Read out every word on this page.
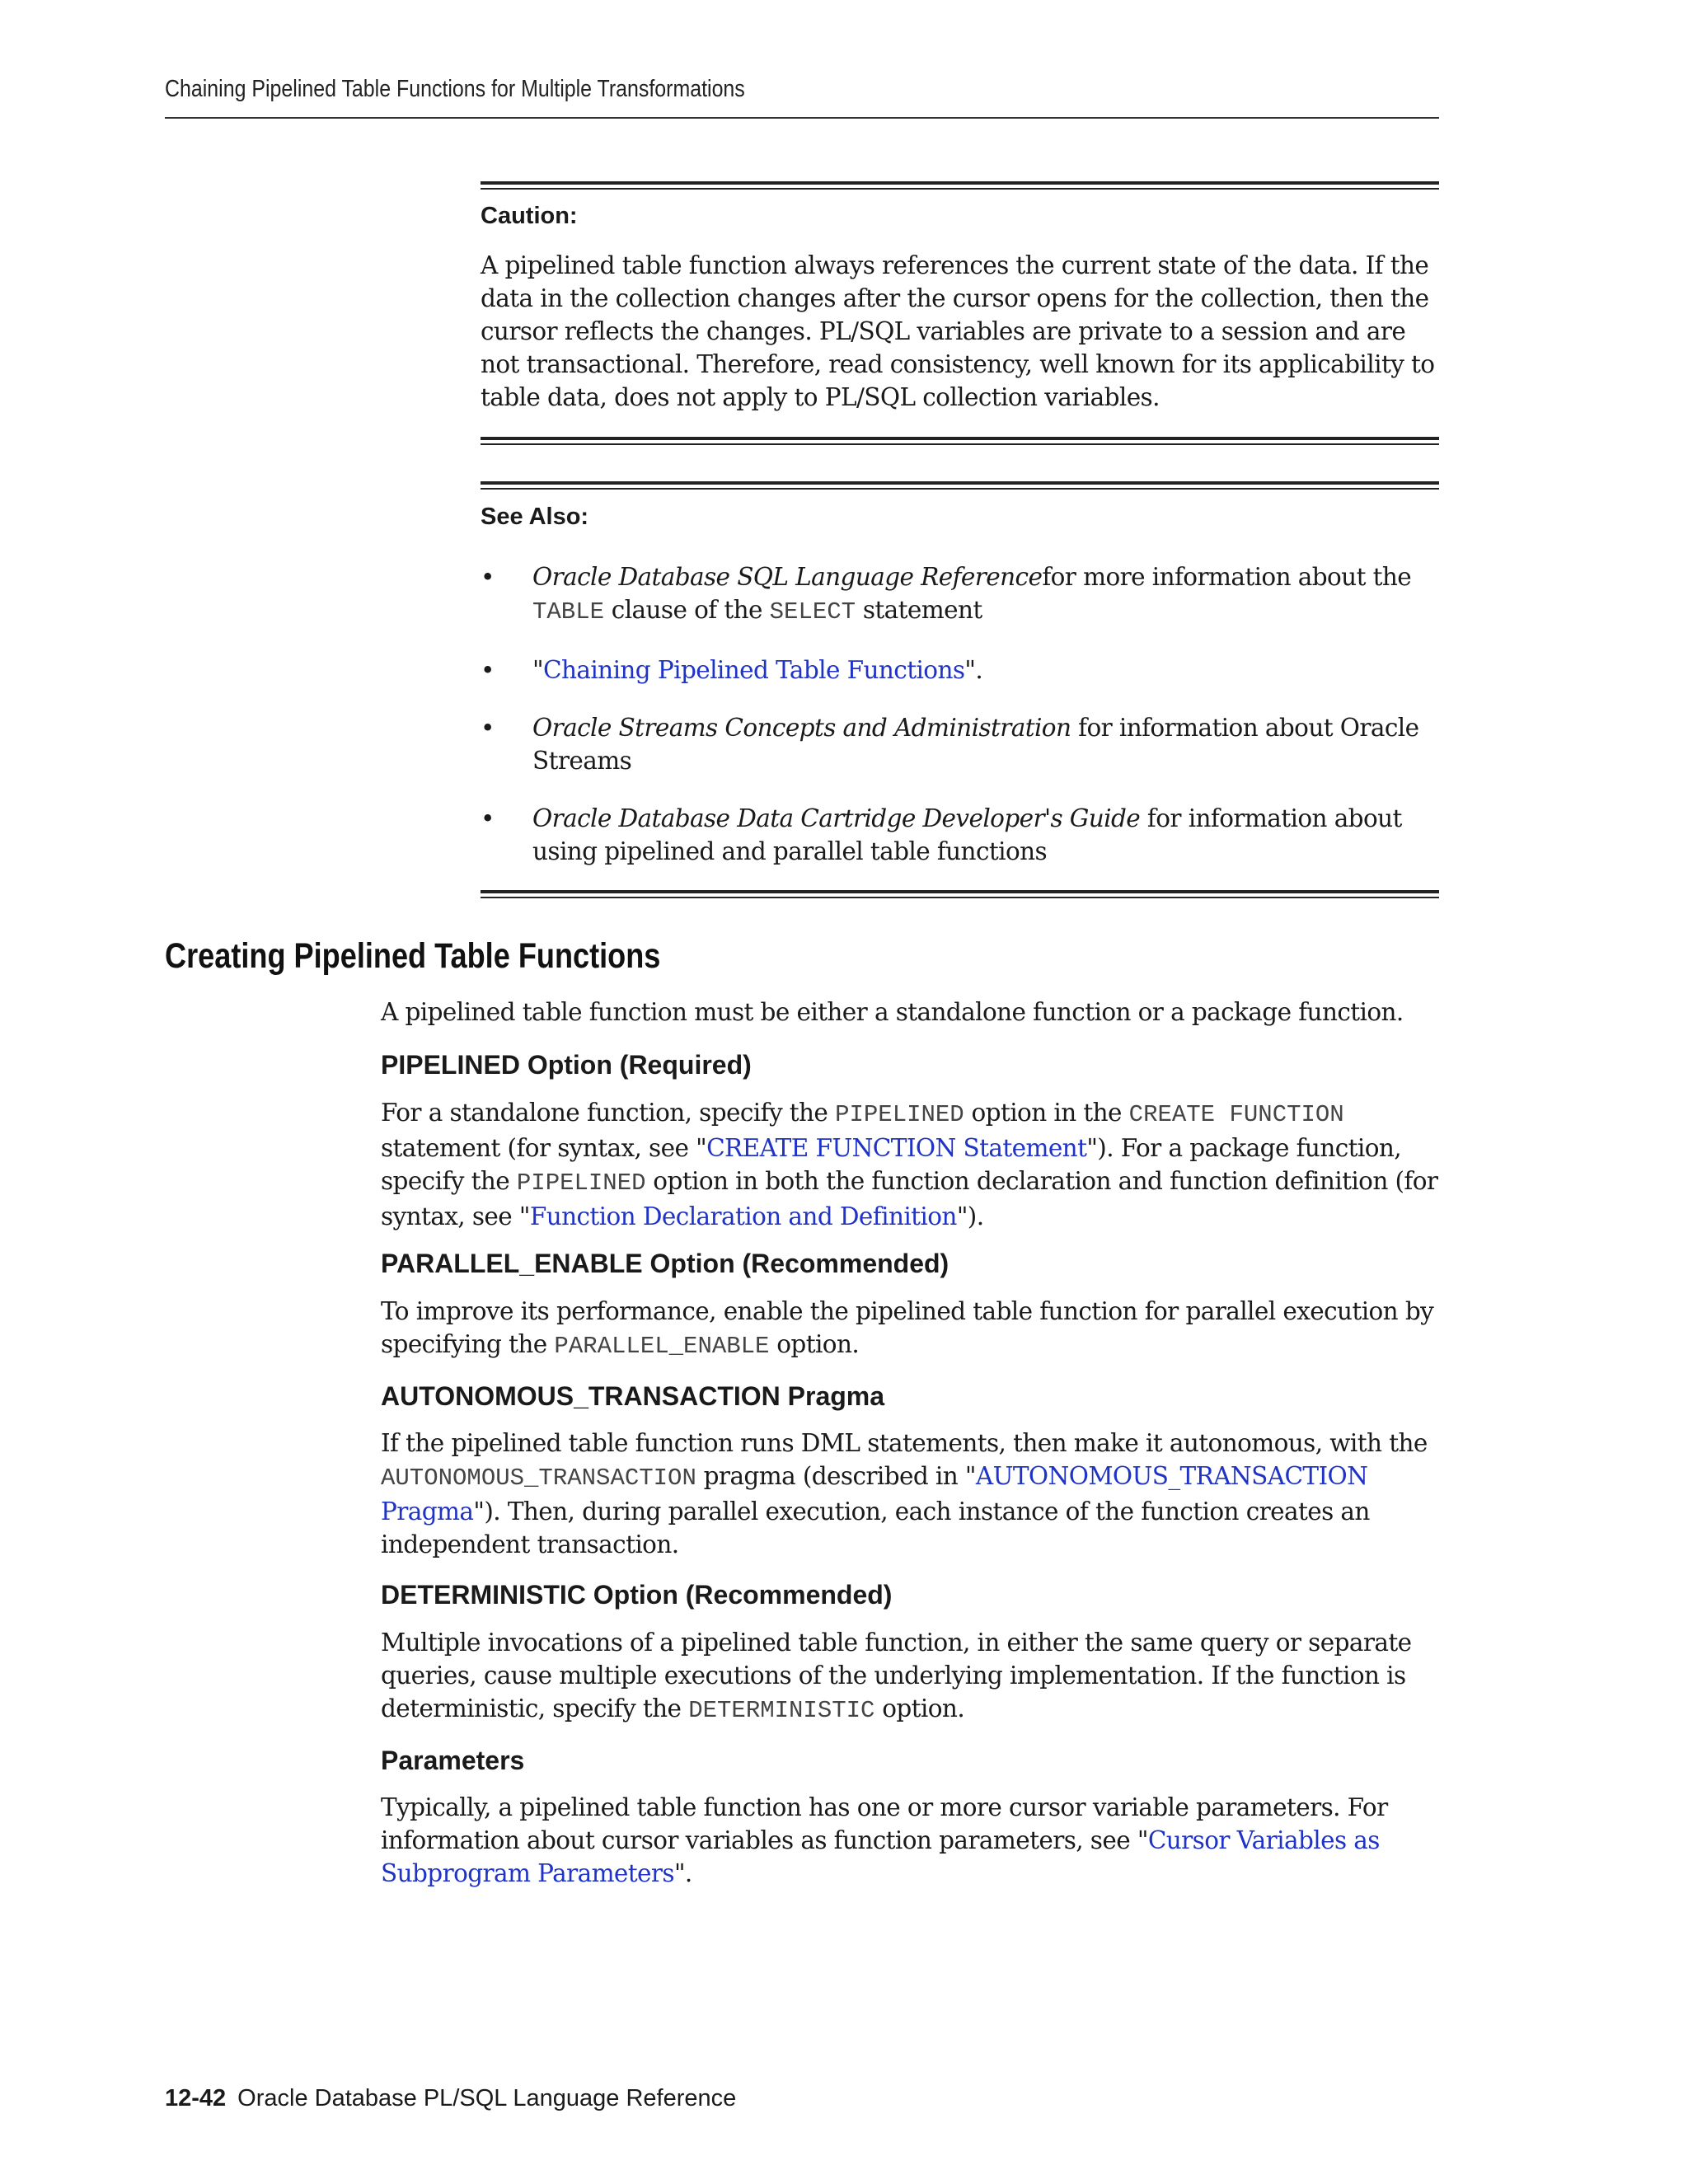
Chaining Pipelined Table Functions for Multiple Transformations
Caution:
A pipelined table function always references the current state of the data. If the data in the collection changes after the cursor opens for the collection, then the cursor reflects the changes. PL/SQL variables are private to a session and are not transactional. Therefore, read consistency, well known for its applicability to table data, does not apply to PL/SQL collection variables.
See Also:
• Oracle Database SQL Language Referencefor more information about the TABLE clause of the SELECT statement
• "Chaining Pipelined Table Functions".
• Oracle Streams Concepts and Administration for information about Oracle Streams
• Oracle Database Data Cartridge Developer's Guide for information about using pipelined and parallel table functions
Creating Pipelined Table Functions
A pipelined table function must be either a standalone function or a package function.
PIPELINED Option (Required)
For a standalone function, specify the PIPELINED option in the CREATE FUNCTION statement (for syntax, see "CREATE FUNCTION Statement"). For a package function, specify the PIPELINED option in both the function declaration and function definition (for syntax, see "Function Declaration and Definition").
PARALLEL_ENABLE Option (Recommended)
To improve its performance, enable the pipelined table function for parallel execution by specifying the PARALLEL_ENABLE option.
AUTONOMOUS_TRANSACTION Pragma
If the pipelined table function runs DML statements, then make it autonomous, with the AUTONOMOUS_TRANSACTION pragma (described in "AUTONOMOUS_TRANSACTION Pragma"). Then, during parallel execution, each instance of the function creates an independent transaction.
DETERMINISTIC Option (Recommended)
Multiple invocations of a pipelined table function, in either the same query or separate queries, cause multiple executions of the underlying implementation. If the function is deterministic, specify the DETERMINISTIC option.
Parameters
Typically, a pipelined table function has one or more cursor variable parameters. For information about cursor variables as function parameters, see "Cursor Variables as Subprogram Parameters".
12-42 Oracle Database PL/SQL Language Reference
